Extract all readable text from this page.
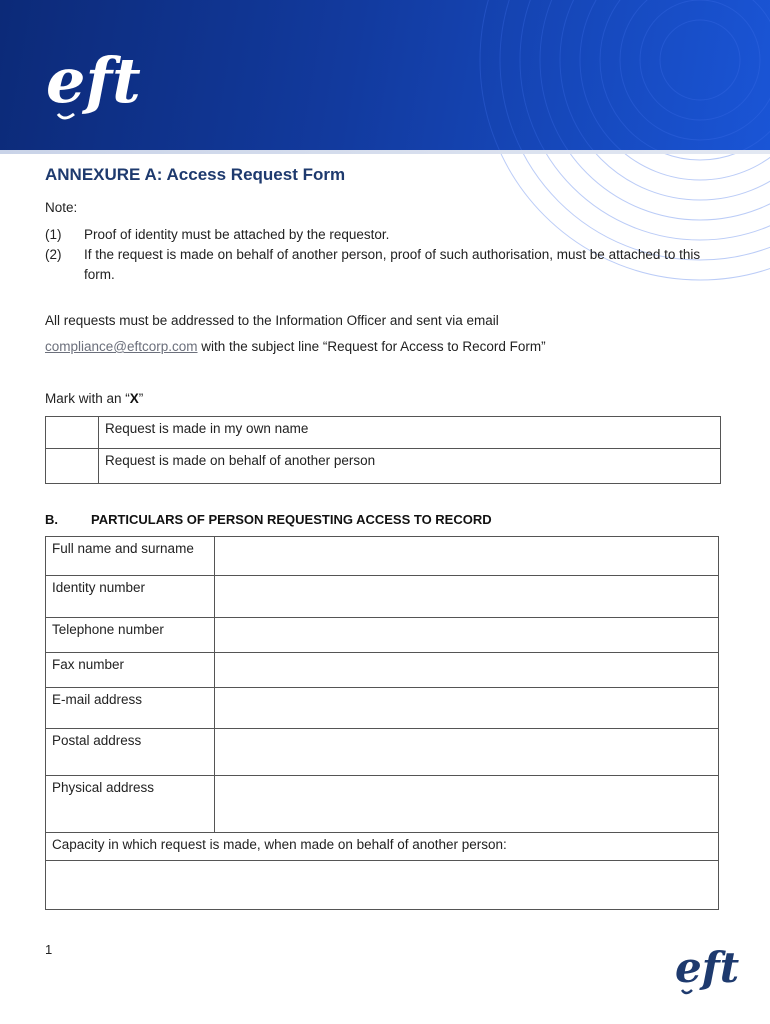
eft
ANNEXURE A: Access Request Form
Note:
(1) Proof of identity must be attached by the requestor.
(2) If the request is made on behalf of another person, proof of such authorisation, must be attached to this form.
All requests must be addressed to the Information Officer and sent via email
compliance@eftcorp.com with the subject line “Request for Access to Record Form”
Mark with an “X”
	Request is made in my own name
	Request is made on behalf of another person
B.	PARTICULARS OF PERSON REQUESTING ACCESS TO RECORD
Full name and surname	
Identity number	
Telephone number	
Fax number	
E-mail address	
Postal address	
Physical address	
Capacity in which request is made, when made on behalf of another person:	

1	eft
